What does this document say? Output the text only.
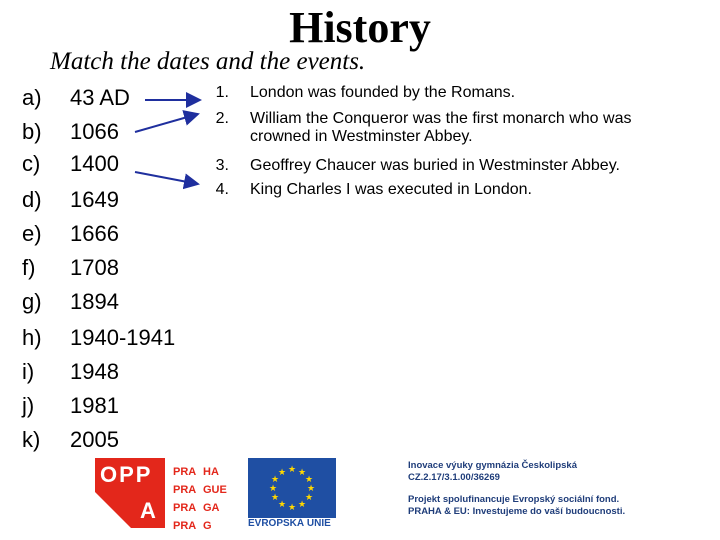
History
Match the dates and the events.
a) 43 AD
b) 1066
c) 1400
d) 1649
e) 1666
f) 1708
g) 1894
h) 1940-1941
i) 1948
j) 1981
k) 2005
1. London was founded by the Romans.
2. William the Conqueror was the first monarch who was crowned in Westminster Abbey.
3. Geoffrey Chaucer was buried in Westminster Abbey.
4. King Charles I was executed in London.
OPP
A
PRA HA PRA GUE PRA GA PRA G
★ ★
★
★
★
★
★
★
★
★
★
★
EVROPSKÁ UNIE
Inovace výuky gymnázia Českolipská
CZ.2.17/3.1.00/36269
Projekt spolufinancuje Evropský sociální fond.
PRAHA & EU: Investujeme do vaší budoucnosti.
